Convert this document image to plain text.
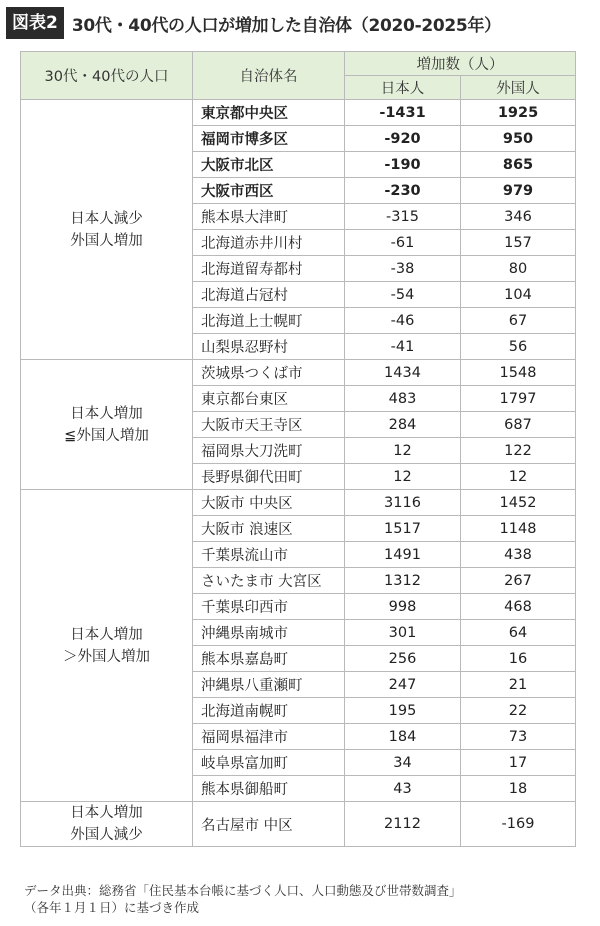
図表2 30代・40代の人口が増加した自治体（2020-2025年）
30代・40代の人口	自治体名	増加数（人）	
		日本人	外国人

日本人減少
外国人増加	東京都中央区	-1431	1925
	福岡市博多区	-920	950
	大阪市北区	-190	865
	大阪市西区	-230	979
	熊本県大津町	-315	346
	北海道赤井川村	-61	157
	北海道留寿都村	-38	80
	北海道占冠村	-54	104
	北海道上士幌町	-46	67
	山梨県忍野村	-41	56

日本人増加
≦外国人増加	茨城県つくば市	1434	1548
	東京都台東区	483	1797
	大阪市天王寺区	284	687
	福岡県大刀洗町	12	122
	長野県御代田町	12	12

日本人増加
＞外国人増加	大阪市 中央区	3116	1452
	大阪市 浪速区	1517	1148
	千葉県流山市	1491	438
	さいたま市 大宮区	1312	267
	千葉県印西市	998	468
	沖縄県南城市	301	64
	熊本県嘉島町	256	16
	沖縄県八重瀬町	247	21
	北海道南幌町	195	22
	福岡県福津市	184	73
	岐阜県富加町	34	17
	熊本県御船町	43	18

日本人増加
外国人減少	名古屋市 中区	2112	-169
データ出典：総務省「住民基本台帳に基づく人口、人口動態及び世帯数調査」
（各年１月１日）に基づき作成
